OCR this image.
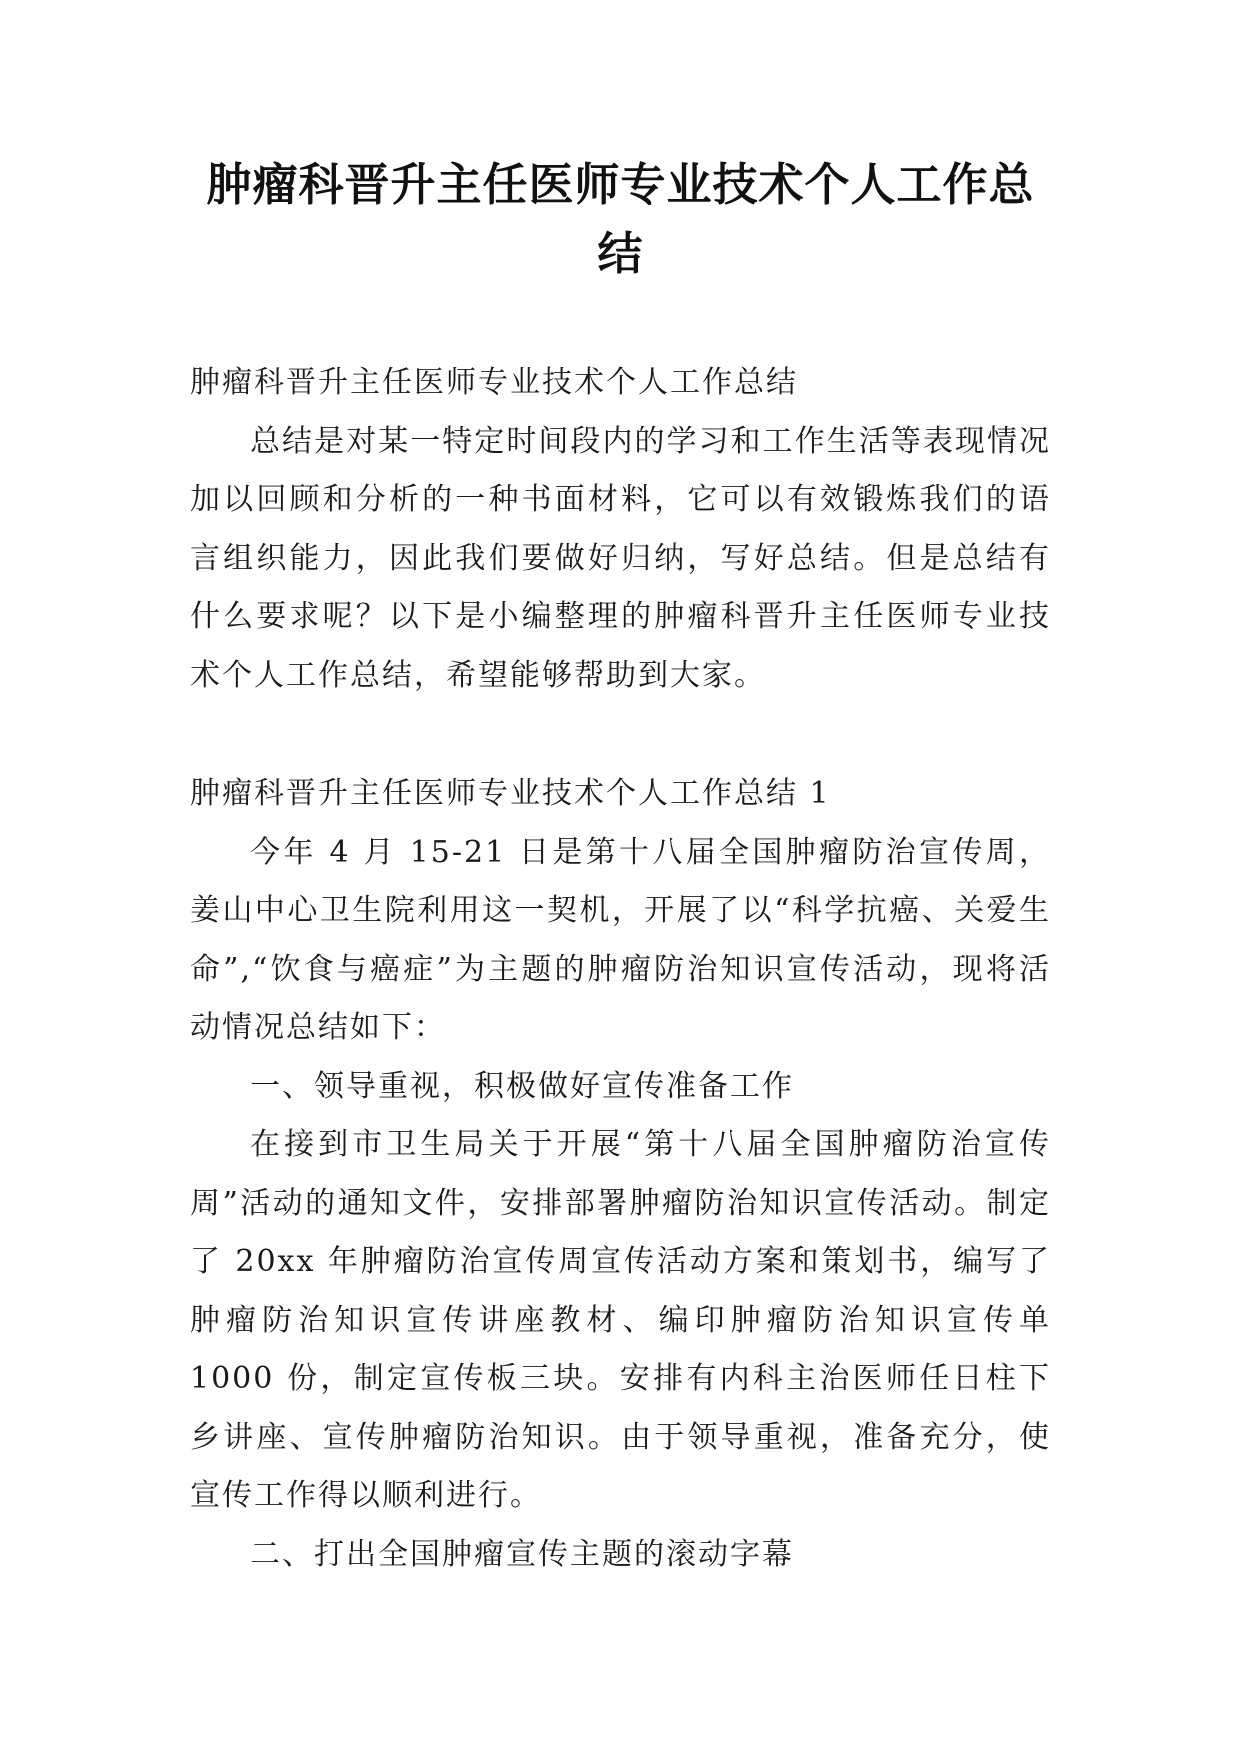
肿瘤科晋升主任医师专业技术个人工作总结

肿瘤科晋升主任医师专业技术个人工作总结

总结是对某一特定时间段内的学习和工作生活等表现情况加以回顾和分析的一种书面材料，它可以有效锻炼我们的语言组织能力，因此我们要做好归纳，写好总结。但是总结有什么要求呢？以下是小编整理的肿瘤科晋升主任医师专业技术个人工作总结，希望能够帮助到大家。

肿瘤科晋升主任医师专业技术个人工作总结 1

今年 4 月 15-21 日是第十八届全国肿瘤防治宣传周，姜山中心卫生院利用这一契机，开展了以“科学抗癌、关爱生命”,“饮食与癌症”为主题的肿瘤防治知识宣传活动，现将活动情况总结如下：

一、领导重视，积极做好宣传准备工作

在接到市卫生局关于开展“第十八届全国肿瘤防治宣传周”活动的通知文件，安排部署肿瘤防治知识宣传活动。制定了 20xx 年肿瘤防治宣传周宣传活动方案和策划书，编写了肿瘤防治知识宣传讲座教材、编印肿瘤防治知识宣传单 1000 份，制定宣传板三块。安排有内科主治医师任日柱下乡讲座、宣传肿瘤防治知识。由于领导重视，准备充分，使宣传工作得以顺利进行。

二、打出全国肿瘤宣传主题的滚动字幕
